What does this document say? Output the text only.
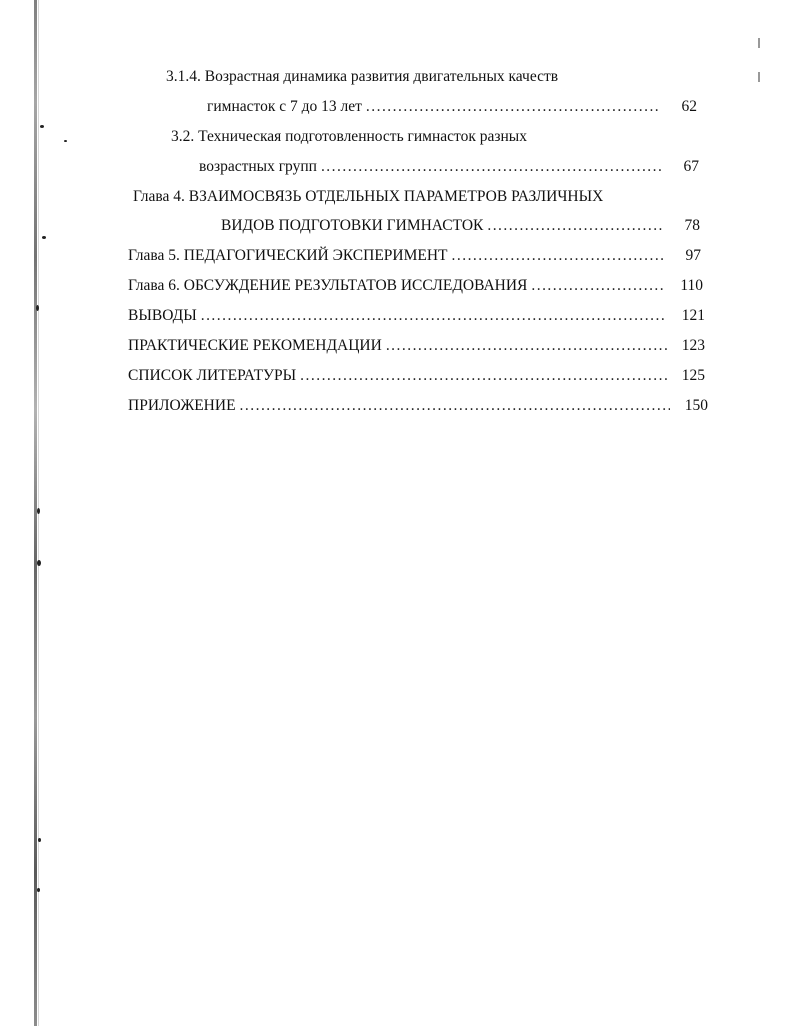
3.1.4. Возрастная динамика развития двигательных качеств
гимнасток с 7 до 13 лет . . .	62
3.2. Техническая подготовленность гимнасток разных
возрастных групп . . .	67
Глава 4. ВЗАИМОСВЯЗЬ ОТДЕЛЬНЫХ ПАРАМЕТРОВ РАЗЛИЧНЫХ
ВИДОВ ПОДГОТОВКИ ГИМНАСТОК . . .	78
Глава 5. ПЕДАГОГИЧЕСКИЙ ЭКСПЕРИМЕНТ . . .	97
Глава 6. ОБСУЖДЕНИЕ РЕЗУЛЬТАТОВ ИССЛЕДОВАНИЯ . . .	110
ВЫВОДЫ . . .	121
ПРАКТИЧЕСКИЕ РЕКОМЕНДАЦИИ . . .	123
СПИСОК ЛИТЕРАТУРЫ . . .	125
ПРИЛОЖЕНИЕ . . .	150
